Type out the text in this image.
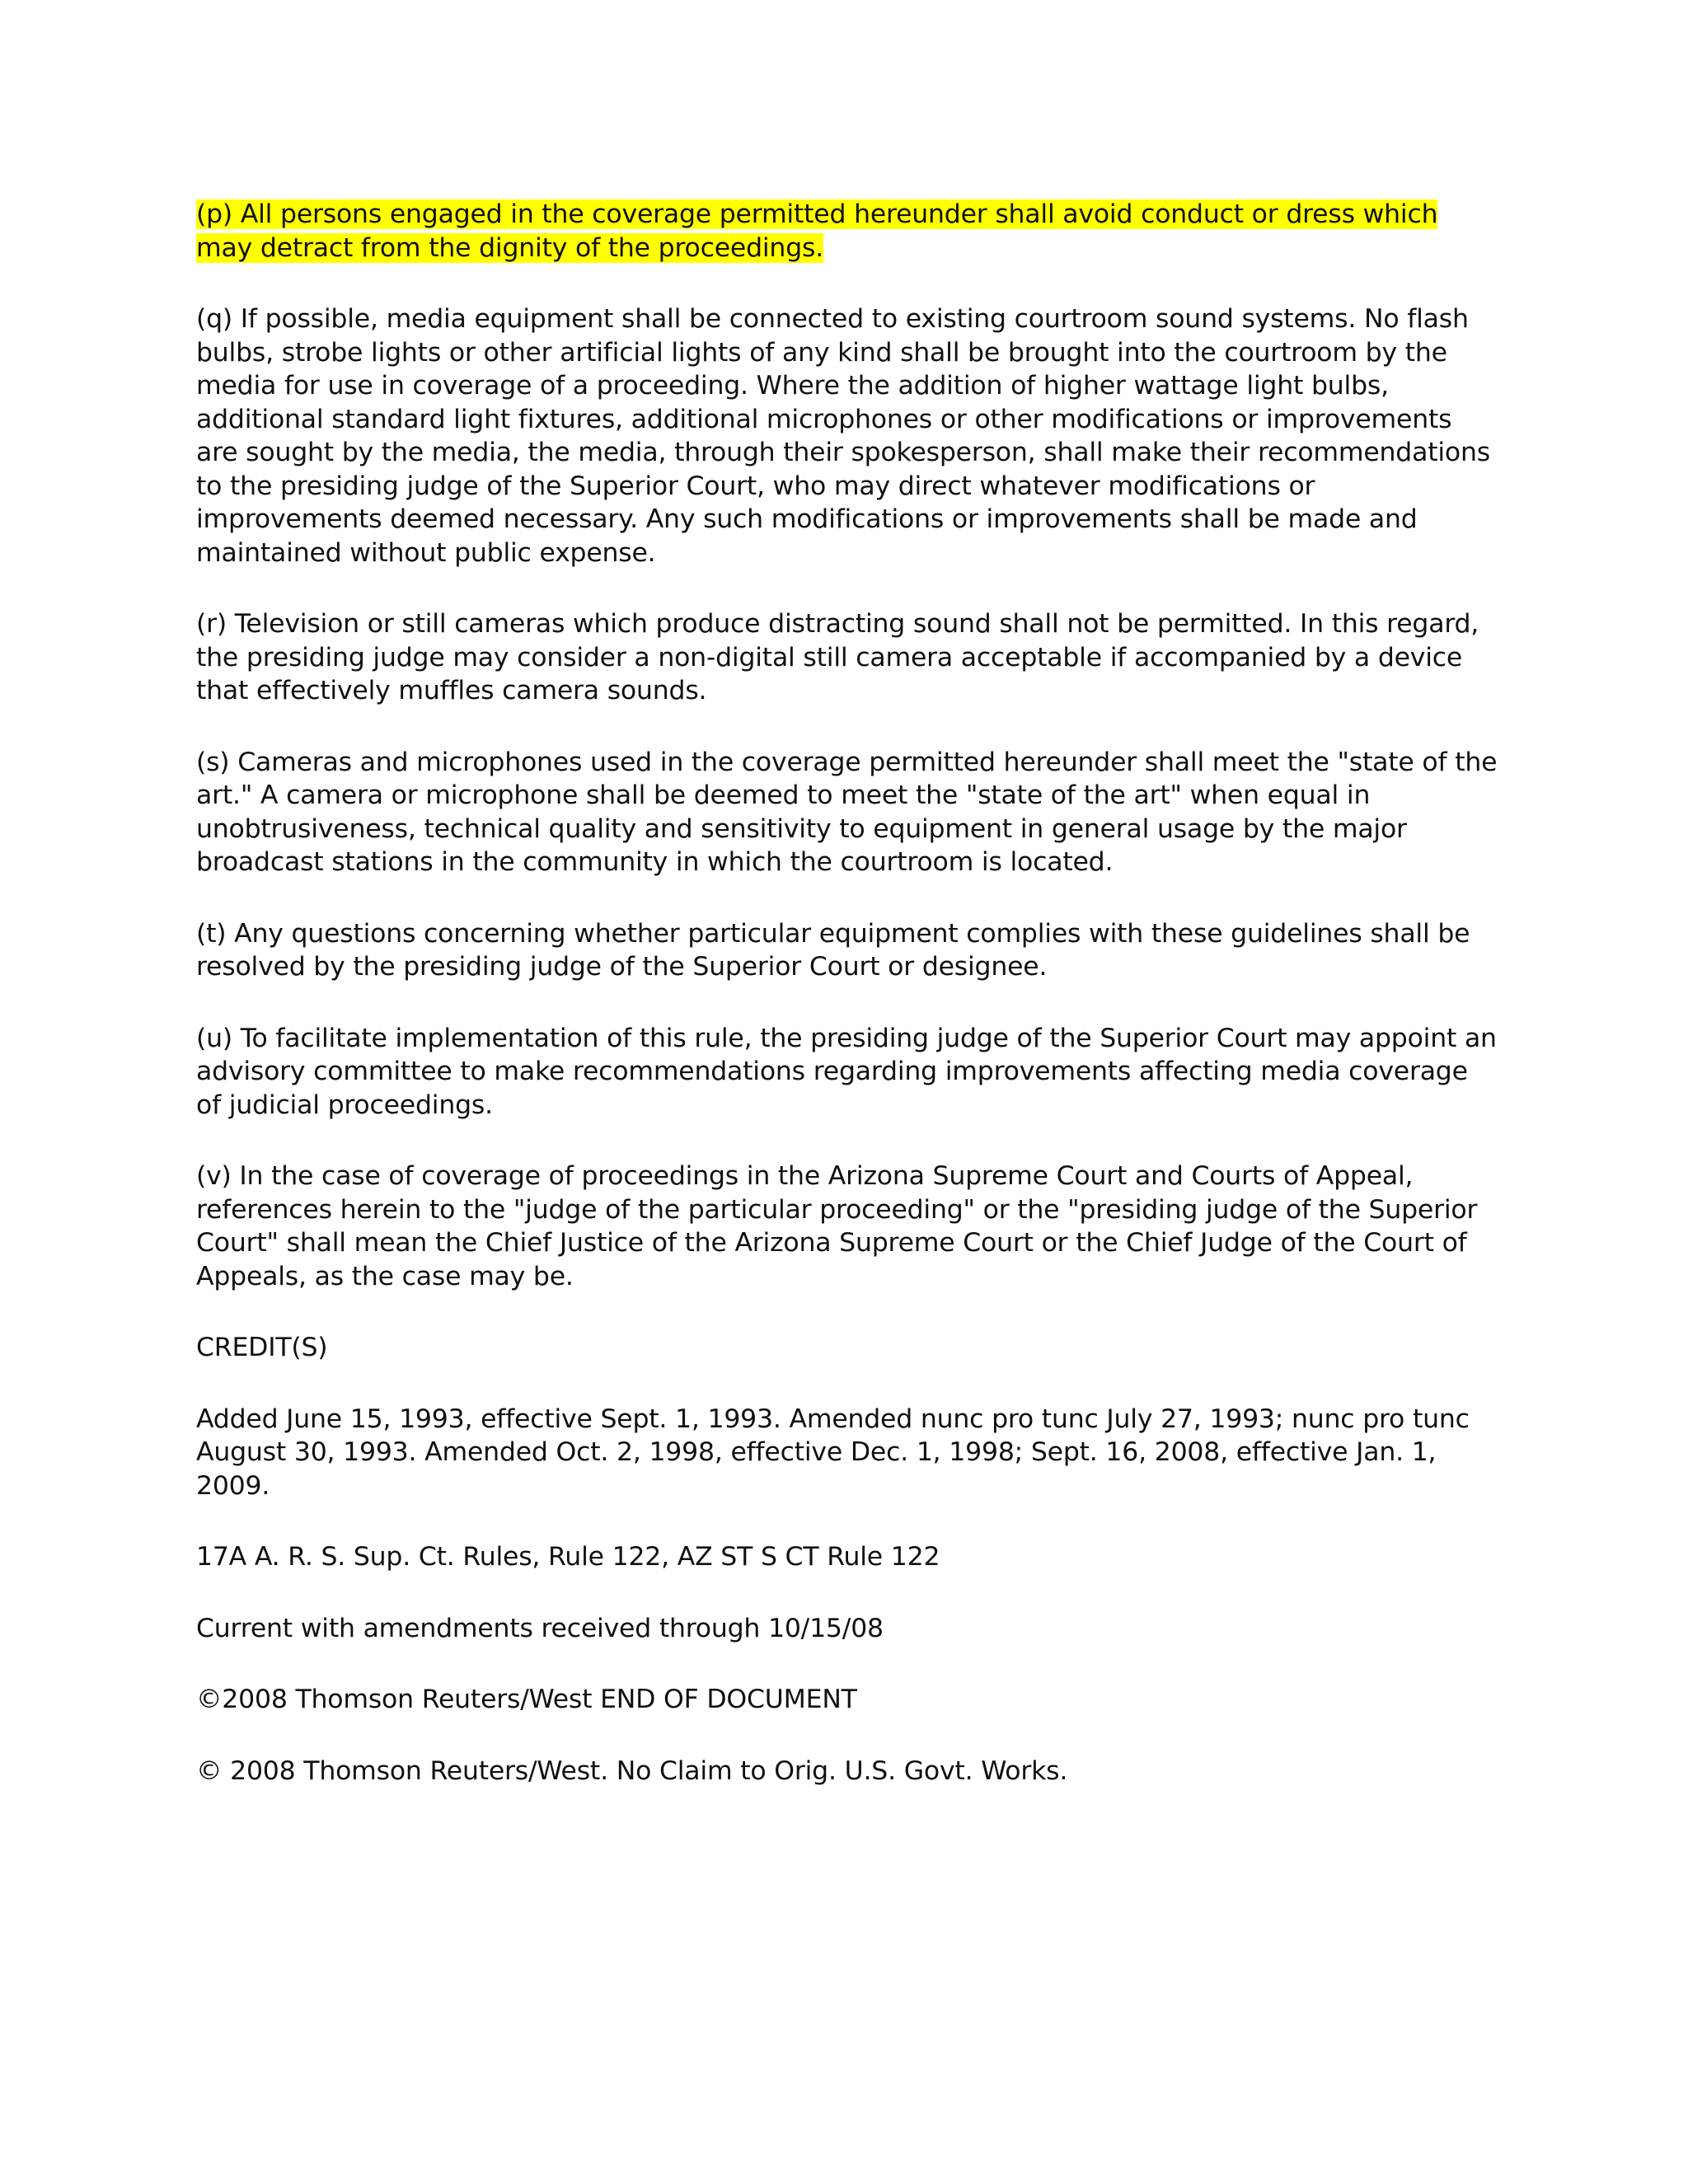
(p) All persons engaged in the coverage permitted hereunder shall avoid conduct or dress which may detract from the dignity of the proceedings.

(q) If possible, media equipment shall be connected to existing courtroom sound systems. No flash bulbs, strobe lights or other artificial lights of any kind shall be brought into the courtroom by the media for use in coverage of a proceeding. Where the addition of higher wattage light bulbs, additional standard light fixtures, additional microphones or other modifications or improvements are sought by the media, the media, through their spokesperson, shall make their recommendations to the presiding judge of the Superior Court, who may direct whatever modifications or improvements deemed necessary. Any such modifications or improvements shall be made and maintained without public expense.

(r) Television or still cameras which produce distracting sound shall not be permitted. In this regard, the presiding judge may consider a non-digital still camera acceptable if accompanied by a device that effectively muffles camera sounds.

(s) Cameras and microphones used in the coverage permitted hereunder shall meet the "state of the art." A camera or microphone shall be deemed to meet the "state of the art" when equal in unobtrusiveness, technical quality and sensitivity to equipment in general usage by the major broadcast stations in the community in which the courtroom is located.

(t) Any questions concerning whether particular equipment complies with these guidelines shall be resolved by the presiding judge of the Superior Court or designee.

(u) To facilitate implementation of this rule, the presiding judge of the Superior Court may appoint an advisory committee to make recommendations regarding improvements affecting media coverage of judicial proceedings.

(v) In the case of coverage of proceedings in the Arizona Supreme Court and Courts of Appeal, references herein to the "judge of the particular proceeding" or the "presiding judge of the Superior Court" shall mean the Chief Justice of the Arizona Supreme Court or the Chief Judge of the Court of Appeals, as the case may be.

CREDIT(S)

Added June 15, 1993, effective Sept. 1, 1993. Amended nunc pro tunc July 27, 1993; nunc pro tunc August 30, 1993. Amended Oct. 2, 1998, effective Dec. 1, 1998; Sept. 16, 2008, effective Jan. 1, 2009.

17A A. R. S. Sup. Ct. Rules, Rule 122, AZ ST S CT Rule 122

Current with amendments received through 10/15/08

©2008 Thomson Reuters/West END OF DOCUMENT

© 2008 Thomson Reuters/West. No Claim to Orig. U.S. Govt. Works.
